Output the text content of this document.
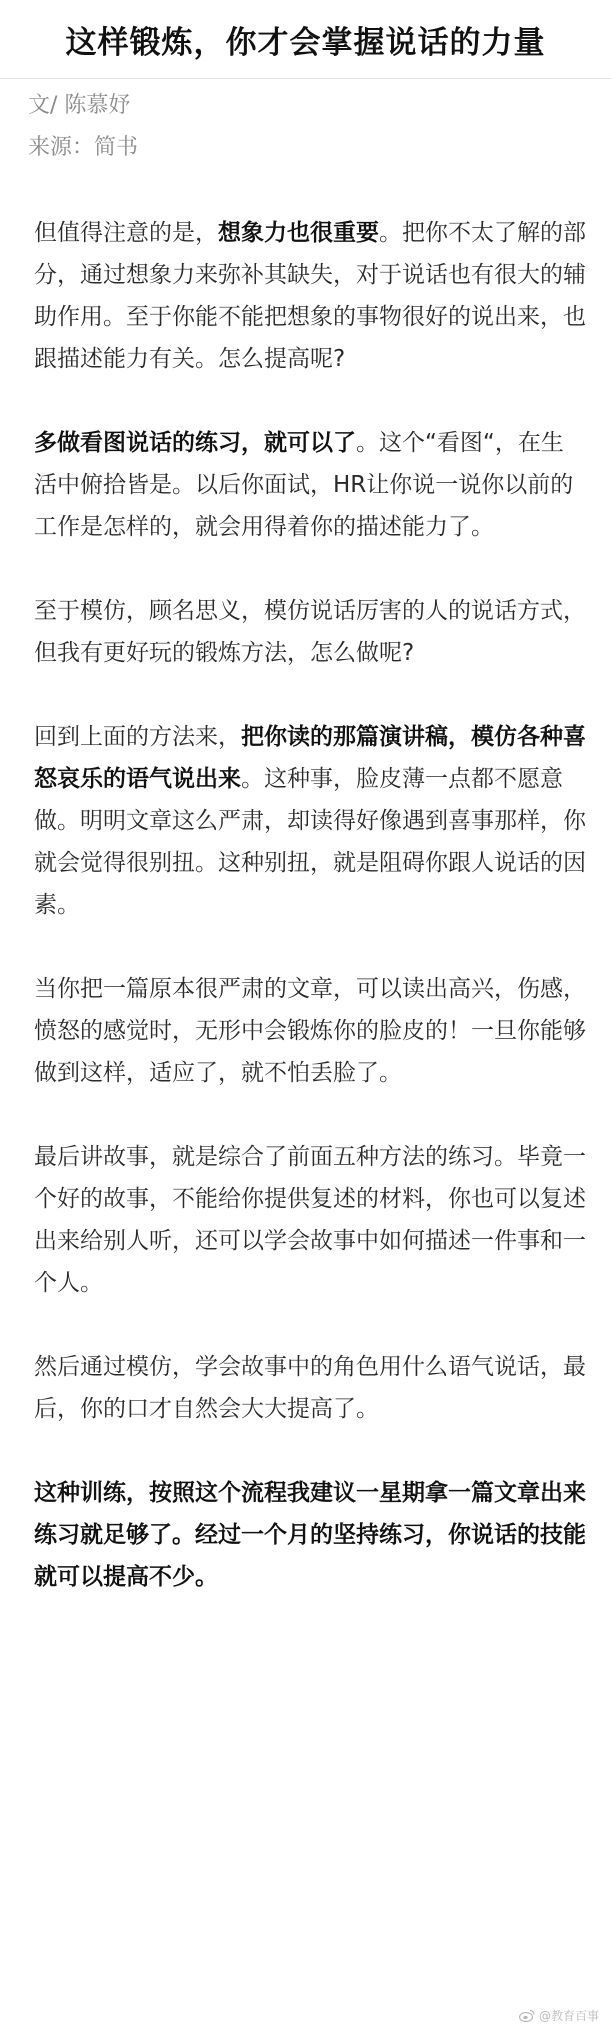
这样锻炼，你才会掌握说话的力量
文/ 陈慕妤
来源：简书

但值得注意的是，想象力也很重要。把你不太了解的部分，通过想象力来弥补其缺失，对于说话也有很大的辅助作用。至于你能不能把想象的事物很好的说出来，也跟描述能力有关。怎么提高呢?

多做看图说话的练习，就可以了。这个“看图“，在生活中俯拾皆是。以后你面试，HR让你说一说你以前的工作是怎样的，就会用得着你的描述能力了。

至于模仿，顾名思义，模仿说话厉害的人的说话方式，但我有更好玩的锻炼方法，怎么做呢?

回到上面的方法来，把你读的那篇演讲稿，模仿各种喜怒哀乐的语气说出来。这种事，脸皮薄一点都不愿意做。明明文章这么严肃，却读得好像遇到喜事那样，你就会觉得很别扭。这种别扭，就是阻碍你跟人说话的因素。

当你把一篇原本很严肃的文章，可以读出高兴，伤感，愤怒的感觉时，无形中会锻炼你的脸皮的！一旦你能够做到这样，适应了，就不怕丢脸了。

最后讲故事，就是综合了前面五种方法的练习。毕竟一个好的故事，不能给你提供复述的材料，你也可以复述出来给别人听，还可以学会故事中如何描述一件事和一个人。

然后通过模仿，学会故事中的角色用什么语气说话，最后，你的口才自然会大大提高了。

这种训练，按照这个流程我建议一星期拿一篇文章出来练习就足够了。经过一个月的坚持练习，你说话的技能就可以提高不少。

@教育百事
